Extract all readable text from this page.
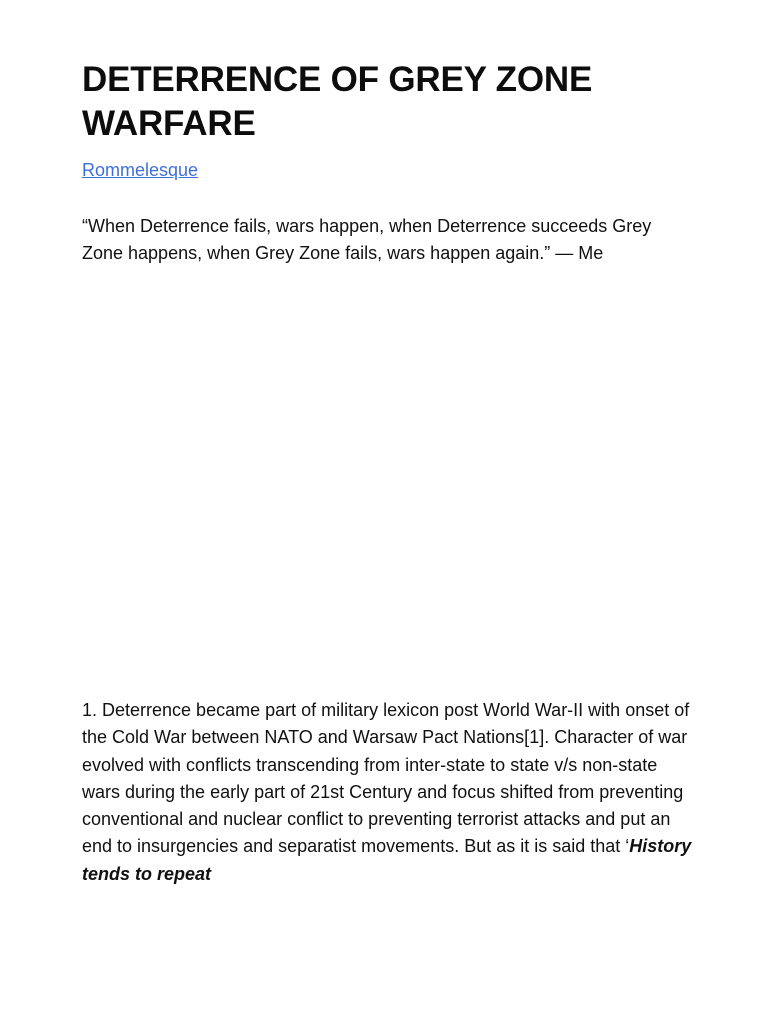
DETERRENCE OF GREY ZONE WARFARE
Rommelesque
“When Deterrence fails, wars happen, when Deterrence succeeds Grey Zone happens, when Grey Zone fails, wars happen again.” — Me

1. Deterrence became part of military lexicon post World War-II with onset of the Cold War between NATO and Warsaw Pact Nations[1]. Character of war evolved with conflicts transcending from inter-state to state v/s non-state wars during the early part of 21st Century and focus shifted from preventing conventional and nuclear conflict to preventing terrorist attacks and put an end to insurgencies and separatist movements. But as it is said that ‘History tends to repeat
